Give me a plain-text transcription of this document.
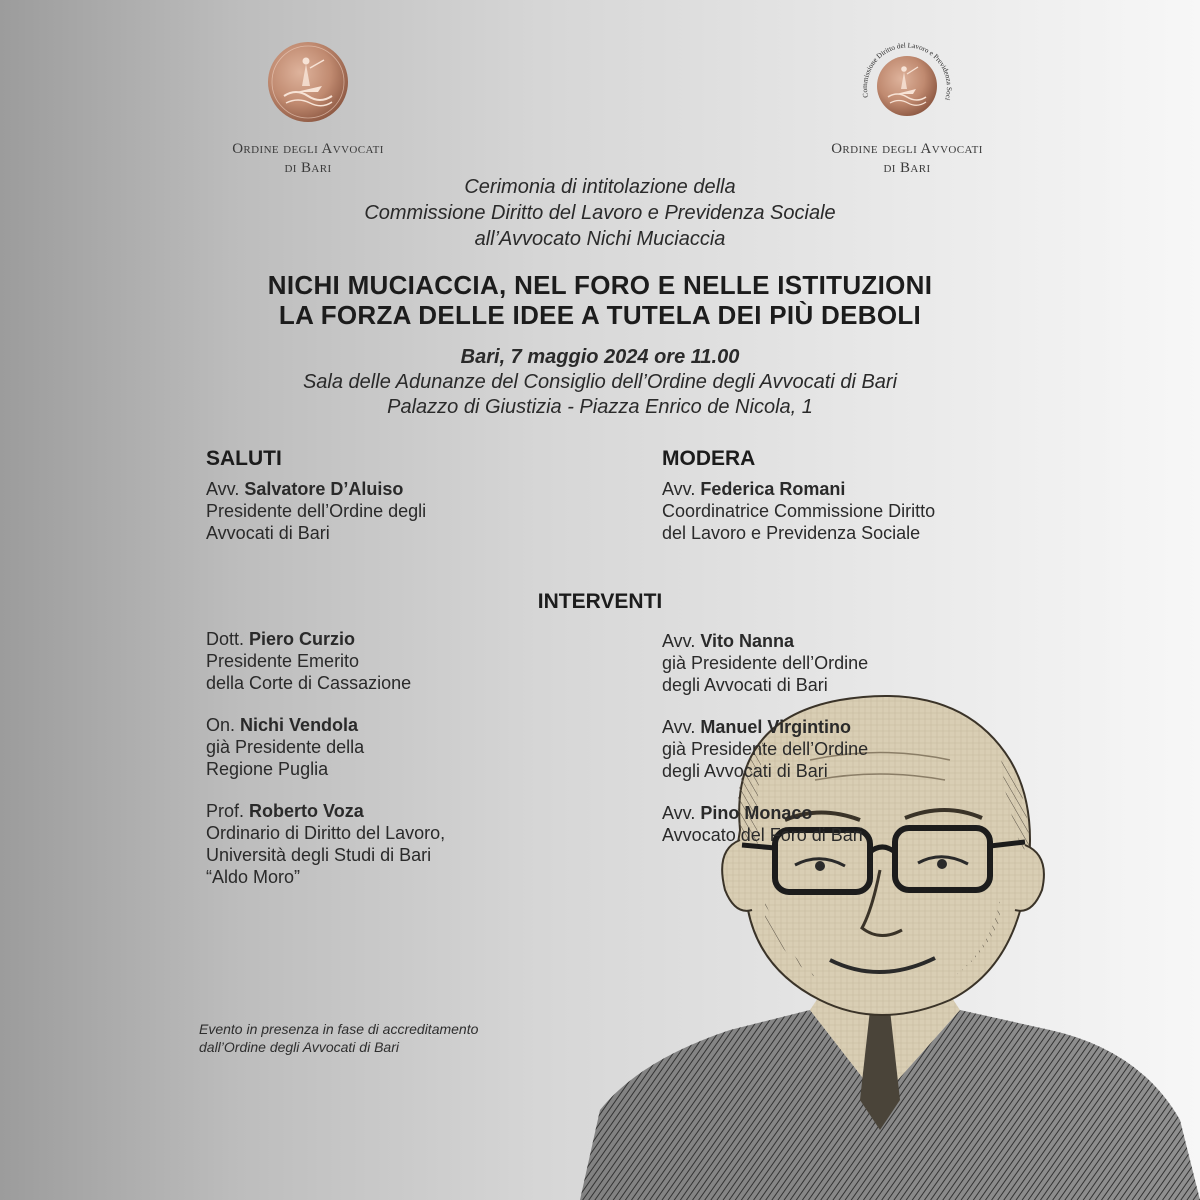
Ordine degli Avvocati
di Bari
Commissione Diritto del Lavoro e Previdenza Soci
Ordine degli Avvocati
di Bari
Cerimonia di intitolazione della
Commissione Diritto del Lavoro e Previdenza Sociale
all’Avvocato Nichi Muciaccia
NICHI MUCIACCIA, NEL FORO E NELLE ISTITUZIONI
LA FORZA DELLE IDEE A TUTELA DEI PIÙ DEBOLI
Bari, 7 maggio 2024 ore 11.00
Sala delle Adunanze del Consiglio dell’Ordine degli Avvocati di Bari
Palazzo di Giustizia - Piazza Enrico de Nicola, 1
SALUTI
Avv. Salvatore D’Aluiso
Presidente dell’Ordine degli
Avvocati di Bari
MODERA
Avv. Federica Romani
Coordinatrice Commissione Diritto
del Lavoro e Previdenza Sociale
INTERVENTI
Dott. Piero Curzio
Presidente Emerito
della Corte di Cassazione
On. Nichi Vendola
già Presidente della
Regione Puglia
Prof. Roberto Voza
Ordinario di Diritto del Lavoro,
Università degli Studi di Bari
“Aldo Moro”
Avv. Vito Nanna
già Presidente dell’Ordine
degli Avvocati di Bari
Avv. Manuel Virgintino
già Presidente dell’Ordine
degli Avvocati di Bari
Avv. Pino Monaco
Avvocato del Foro di Bari
Evento in presenza in fase di accreditamento
dall’Ordine degli Avvocati di Bari
